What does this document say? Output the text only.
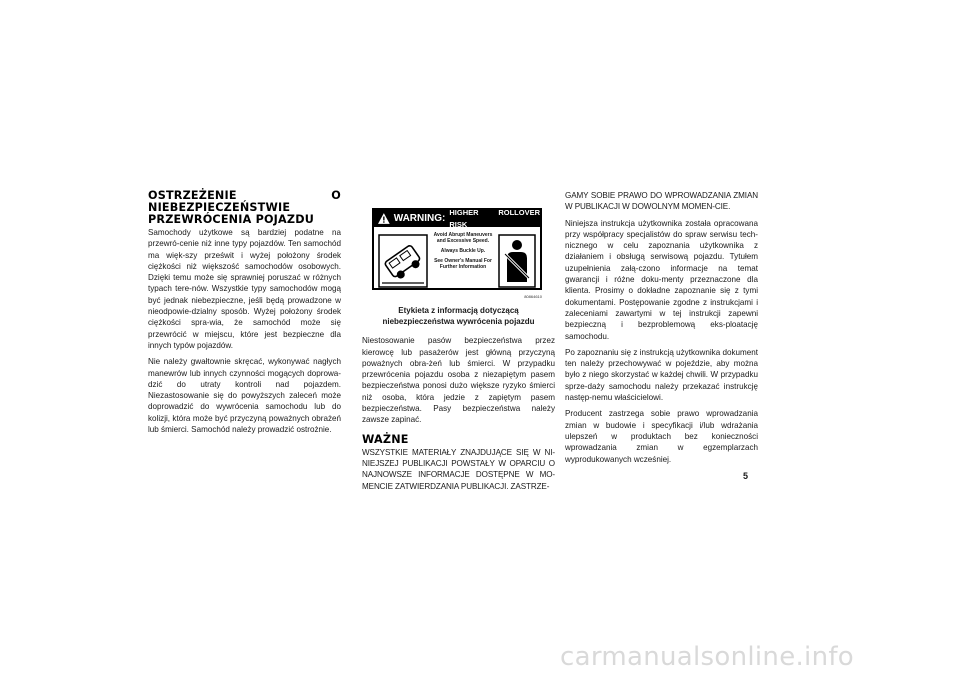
OSTRZEŻENIE O NIEBEZPIECZEŃSTWIE PRZEWRÓCENIA POJAZDU

Samochody użytkowe są bardziej podatne na przewró-cenie niż inne typy pojazdów. Ten samochód ma więk-szy prześwit i wyżej położony środek ciężkości niż większość samochodów osobowych. Dzięki temu może się sprawniej poruszać w różnych typach tere-nów. Wszystkie typy samochodów mogą być jednak niebezpieczne, jeśli będą prowadzone w nieodpowie-dzialny sposób. Wyżej położony środek ciężkości spra-wia, że samochód może się przewrócić w miejscu, które jest bezpieczne dla innych typów pojazdów.

Nie należy gwałtownie skręcać, wykonywać nagłych manewrów lub innych czynności mogących doprowa-dzić do utraty kontroli nad pojazdem. Niezastosowanie się do powyższych zaleceń może doprowadzić do wywrócenia samochodu lub do kolizji, która może być przyczyną poważnych obrażeń lub śmierci. Samochód należy prowadzić ostrożnie.

WARNING:
HIGHER ROLLOVER RISK
Avoid Abrupt Maneuvers and Excessive Speed.
Always Buckle Up.
See Owner's Manual For Further Information
80864610
Etykieta z informacją dotyczącą niebezpieczeństwa wywrócenia pojazdu

Niestosowanie pasów bezpieczeństwa przez kierowcę lub pasażerów jest główną przyczyną poważnych obra-żeń lub śmierci. W przypadku przewrócenia pojazdu osoba z niezapiętym pasem bezpieczeństwa ponosi dużo większe ryzyko śmierci niż osoba, która jedzie z zapiętym pasem bezpieczeństwa. Pasy bezpieczeństwa należy zawsze zapinać.

WAŻNE

WSZYSTKIE MATERIAŁY ZNAJDUJĄCE SIĘ W NI-NIEJSZEJ PUBLIKACJI POWSTAŁY W OPARCIU O NAJNOWSZE INFORMACJE DOSTĘPNE W MO-MENCIE ZATWIERDZANIA PUBLIKACJI. ZASTRZE-

GAMY SOBIE PRAWO DO WPROWADZANIA ZMIAN W PUBLIKACJI W DOWOLNYM MOMEN-CIE.

Niniejsza instrukcja użytkownika została opracowana przy współpracy specjalistów do spraw serwisu tech-nicznego w celu zapoznania użytkownika z działaniem i obsługą serwisową pojazdu. Tytułem uzupełnienia załą-czono informacje na temat gwarancji i różne doku-menty przeznaczone dla klienta. Prosimy o dokładne zapoznanie się z tymi dokumentami. Postępowanie zgodne z instrukcjami i zaleceniami zawartymi w tej instrukcji zapewni bezpieczną i bezproblemową eks-ploatację samochodu.

Po zapoznaniu się z instrukcją użytkownika dokument ten należy przechowywać w pojeździe, aby można było z niego skorzystać w każdej chwili. W przypadku sprze-daży samochodu należy przekazać instrukcję następ-nemu właścicielowi.

Producent zastrzega sobie prawo wprowadzania zmian w budowie i specyfikacji i/lub wdrażania ulepszeń w produktach bez konieczności wprowadzania zmian w egzemplarzach wyprodukowanych wcześniej.

5
carmanualsonline.info
